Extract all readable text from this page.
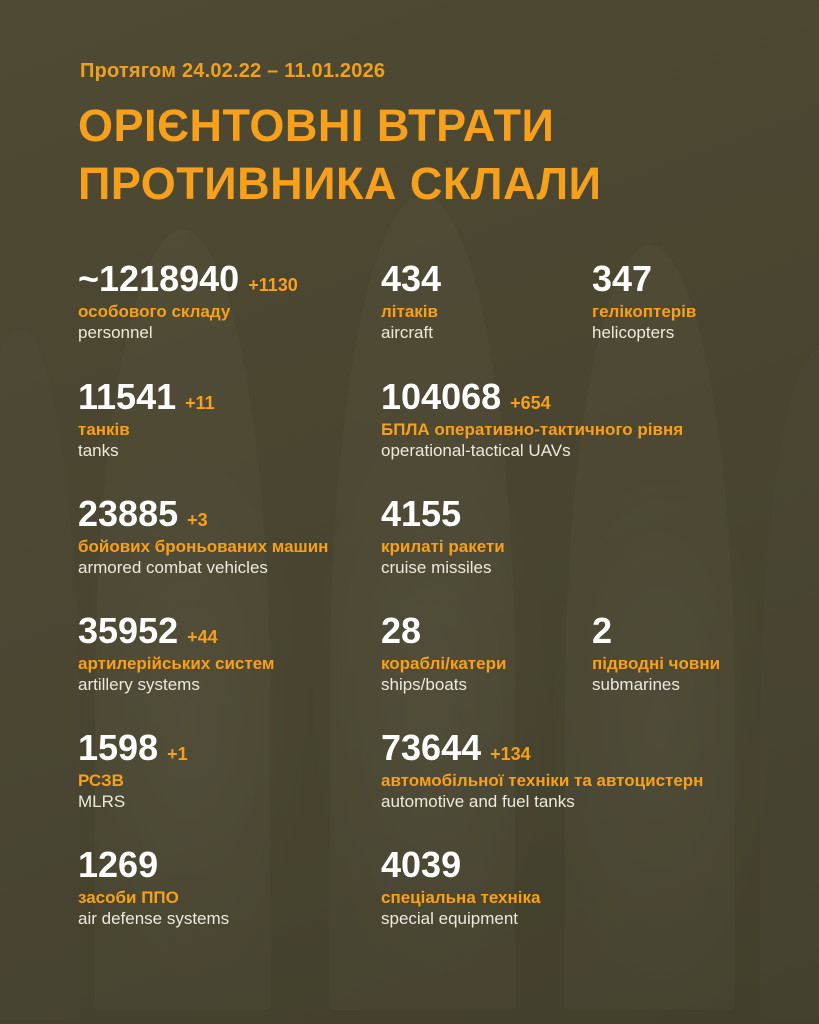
Протягом 24.02.22 – 11.01.2026
ОРІЄНТОВНІ ВТРАТИ
ПРОТИВНИКА СКЛАЛИ
~1218940 +1130
особового складу
personnel
434
літаків
aircraft
347
гелікоптерів
helicopters
11541 +11
танків
tanks
104068 +654
БПЛА оперативно-тактичного рівня
operational-tactical UAVs
23885 +3
бойових броньованих машин
armored combat vehicles
4155
крилаті ракети
cruise missiles
35952 +44
артилерійських систем
artillery systems
28
кораблі/катери
ships/boats
2
підводні човни
submarines
1598 +1
РСЗВ
MLRS
73644 +134
автомобільної техніки та автоцистерн
automotive and fuel tanks
1269
засоби ППО
air defense systems
4039
спеціальна техніка
special equipment
